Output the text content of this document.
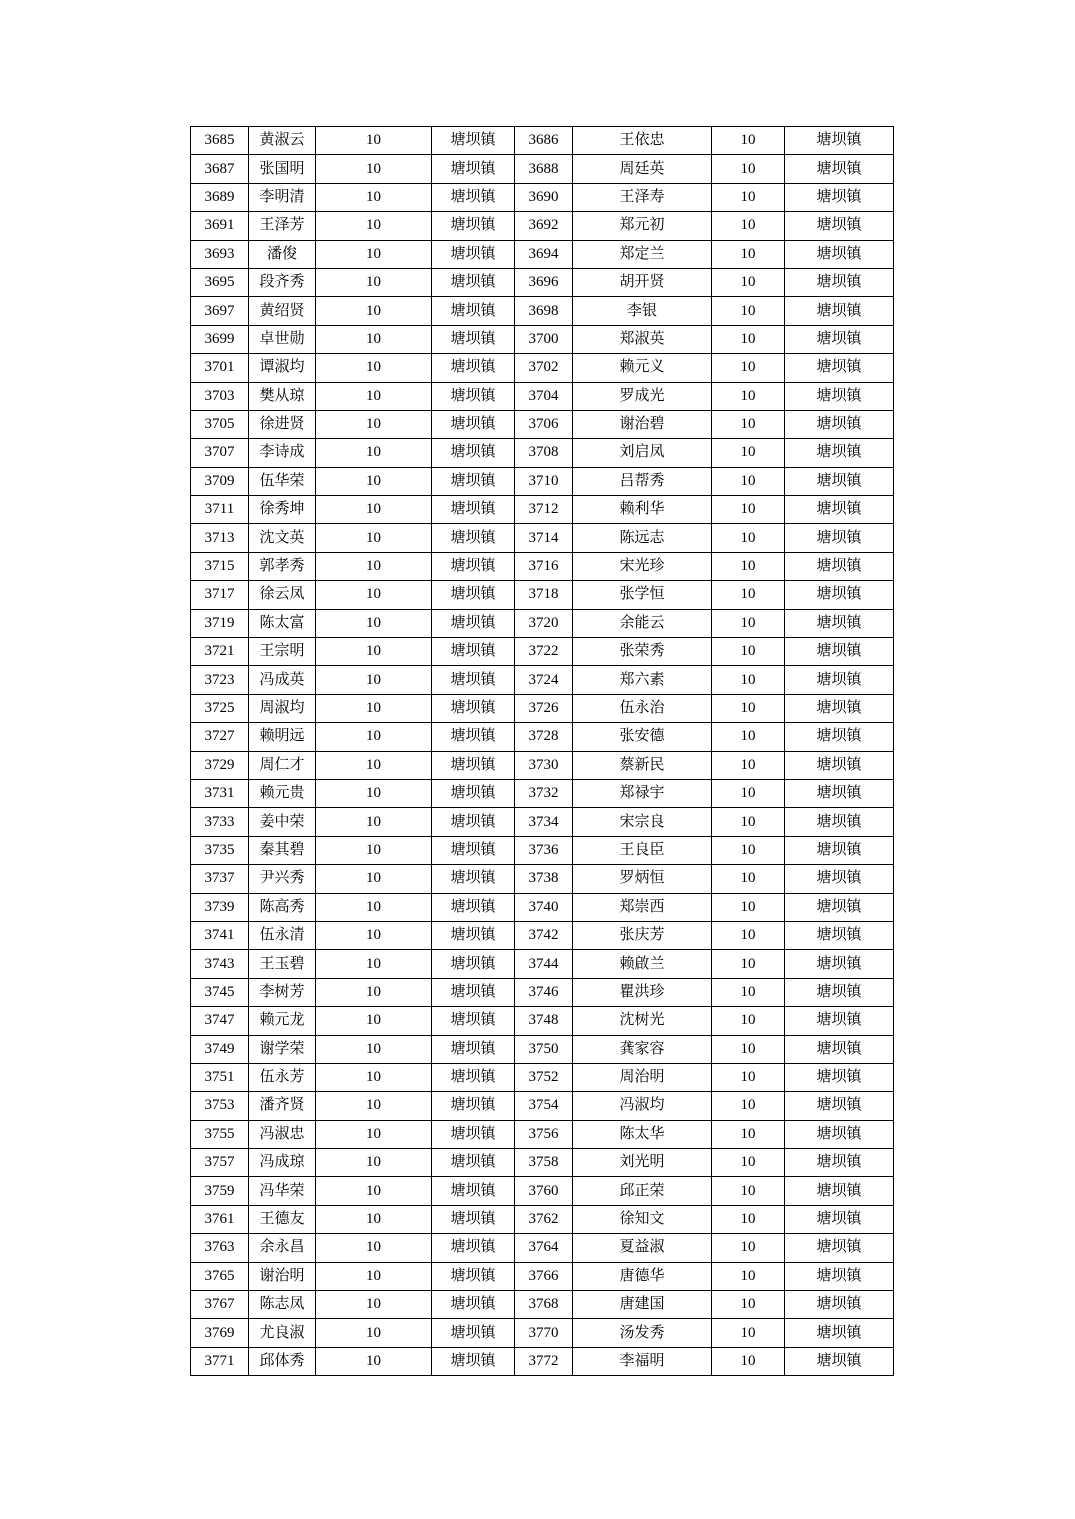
3685	黄淑云	10	塘坝镇	3686	王依忠	10	塘坝镇
3687	张国明	10	塘坝镇	3688	周廷英	10	塘坝镇
3689	李明清	10	塘坝镇	3690	王泽寿	10	塘坝镇
3691	王泽芳	10	塘坝镇	3692	郑元初	10	塘坝镇
3693	潘俊	10	塘坝镇	3694	郑定兰	10	塘坝镇
3695	段齐秀	10	塘坝镇	3696	胡开贤	10	塘坝镇
3697	黄绍贤	10	塘坝镇	3698	李银	10	塘坝镇
3699	卓世勋	10	塘坝镇	3700	郑淑英	10	塘坝镇
3701	谭淑均	10	塘坝镇	3702	赖元义	10	塘坝镇
3703	樊从琼	10	塘坝镇	3704	罗成光	10	塘坝镇
3705	徐进贤	10	塘坝镇	3706	谢治碧	10	塘坝镇
3707	李诗成	10	塘坝镇	3708	刘启凤	10	塘坝镇
3709	伍华荣	10	塘坝镇	3710	吕帮秀	10	塘坝镇
3711	徐秀坤	10	塘坝镇	3712	赖利华	10	塘坝镇
3713	沈文英	10	塘坝镇	3714	陈远志	10	塘坝镇
3715	郭孝秀	10	塘坝镇	3716	宋光珍	10	塘坝镇
3717	徐云凤	10	塘坝镇	3718	张学恒	10	塘坝镇
3719	陈太富	10	塘坝镇	3720	余能云	10	塘坝镇
3721	王宗明	10	塘坝镇	3722	张荣秀	10	塘坝镇
3723	冯成英	10	塘坝镇	3724	郑六素	10	塘坝镇
3725	周淑均	10	塘坝镇	3726	伍永治	10	塘坝镇
3727	赖明远	10	塘坝镇	3728	张安德	10	塘坝镇
3729	周仁才	10	塘坝镇	3730	蔡新民	10	塘坝镇
3731	赖元贵	10	塘坝镇	3732	郑禄宇	10	塘坝镇
3733	姜中荣	10	塘坝镇	3734	宋宗良	10	塘坝镇
3735	秦其碧	10	塘坝镇	3736	王良臣	10	塘坝镇
3737	尹兴秀	10	塘坝镇	3738	罗炳恒	10	塘坝镇
3739	陈高秀	10	塘坝镇	3740	郑崇西	10	塘坝镇
3741	伍永清	10	塘坝镇	3742	张庆芳	10	塘坝镇
3743	王玉碧	10	塘坝镇	3744	赖啟兰	10	塘坝镇
3745	李树芳	10	塘坝镇	3746	瞿洪珍	10	塘坝镇
3747	赖元龙	10	塘坝镇	3748	沈树光	10	塘坝镇
3749	谢学荣	10	塘坝镇	3750	龚家容	10	塘坝镇
3751	伍永芳	10	塘坝镇	3752	周治明	10	塘坝镇
3753	潘齐贤	10	塘坝镇	3754	冯淑均	10	塘坝镇
3755	冯淑忠	10	塘坝镇	3756	陈太华	10	塘坝镇
3757	冯成琼	10	塘坝镇	3758	刘光明	10	塘坝镇
3759	冯华荣	10	塘坝镇	3760	邱正荣	10	塘坝镇
3761	王德友	10	塘坝镇	3762	徐知文	10	塘坝镇
3763	余永昌	10	塘坝镇	3764	夏益淑	10	塘坝镇
3765	谢治明	10	塘坝镇	3766	唐德华	10	塘坝镇
3767	陈志凤	10	塘坝镇	3768	唐建国	10	塘坝镇
3769	尤良淑	10	塘坝镇	3770	汤发秀	10	塘坝镇
3771	邱体秀	10	塘坝镇	3772	李福明	10	塘坝镇
